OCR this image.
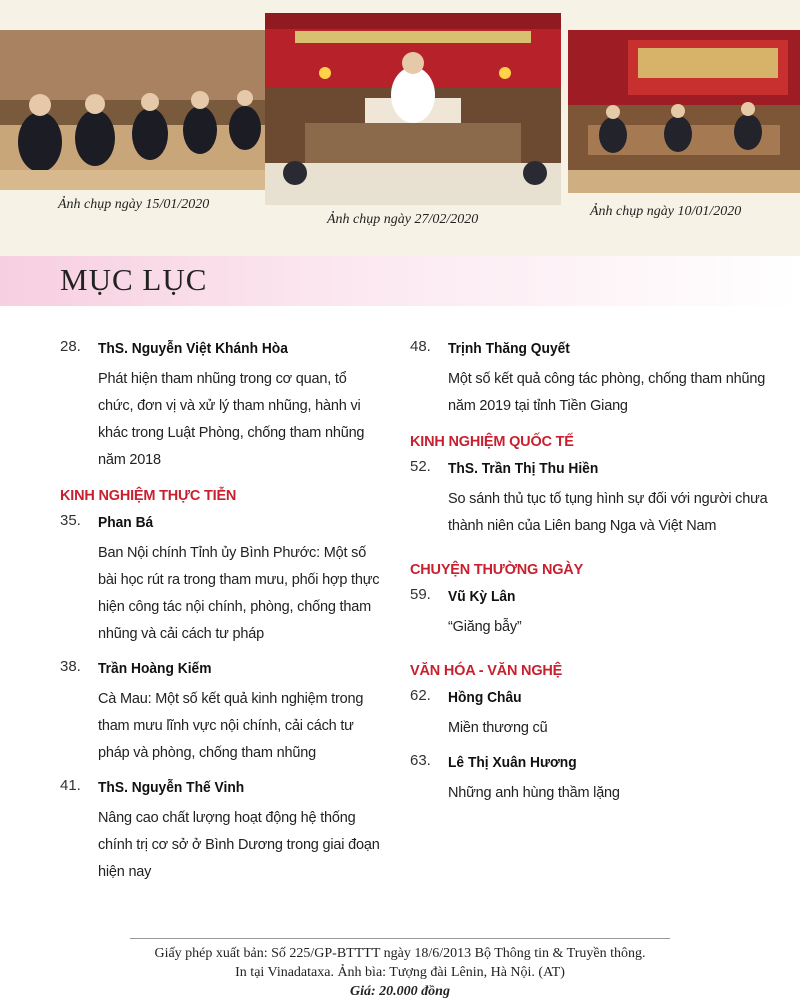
Ảnh chụp ngày 15/01/2020
Ảnh chụp ngày 27/02/2020
Ảnh chụp ngày 10/01/2020
MỤC LỤC
28. ThS. Nguyễn Việt Khánh Hòa
Phát hiện tham nhũng trong cơ quan, tổ chức, đơn vị và xử lý tham nhũng, hành vi khác trong Luật Phòng, chống tham nhũng năm 2018
KINH NGHIỆM THỰC TIỄN
35. Phan Bá
Ban Nội chính Tỉnh ủy Bình Phước: Một số bài học rút ra trong tham mưu, phối hợp thực hiện công tác nội chính, phòng, chống tham nhũng và cải cách tư pháp
38. Trần Hoàng Kiếm
Cà Mau: Một số kết quả kinh nghiệm trong tham mưu lĩnh vực nội chính, cải cách tư pháp và phòng, chống tham nhũng
41. ThS. Nguyễn Thế Vinh
Nâng cao chất lượng hoạt động hệ thống chính trị cơ sở ở Bình Dương trong giai đoạn hiện nay
48. Trịnh Thăng Quyết
Một số kết quả công tác phòng, chống tham nhũng năm 2019 tại tỉnh Tiền Giang
KINH NGHIỆM QUỐC TẾ
52. ThS. Trần Thị Thu Hiền
So sánh thủ tục tố tụng hình sự đối với người chưa thành niên của Liên bang Nga và Việt Nam
CHUYỆN THƯỜNG NGÀY
59. Vũ Kỳ Lân
“Giăng bẫy”
VĂN HÓA - VĂN NGHỆ
62. Hồng Châu
Miền thương cũ
63. Lê Thị Xuân Hương
Những anh hùng thầm lặng
Giấy phép xuất bản: Số 225/GP-BTTTT ngày 18/6/2013 Bộ Thông tin & Truyền thông.
In tại Vinadataxa. Ảnh bìa: Tượng đài Lênin, Hà Nội. (AT)
Giá: 20.000 đồng
